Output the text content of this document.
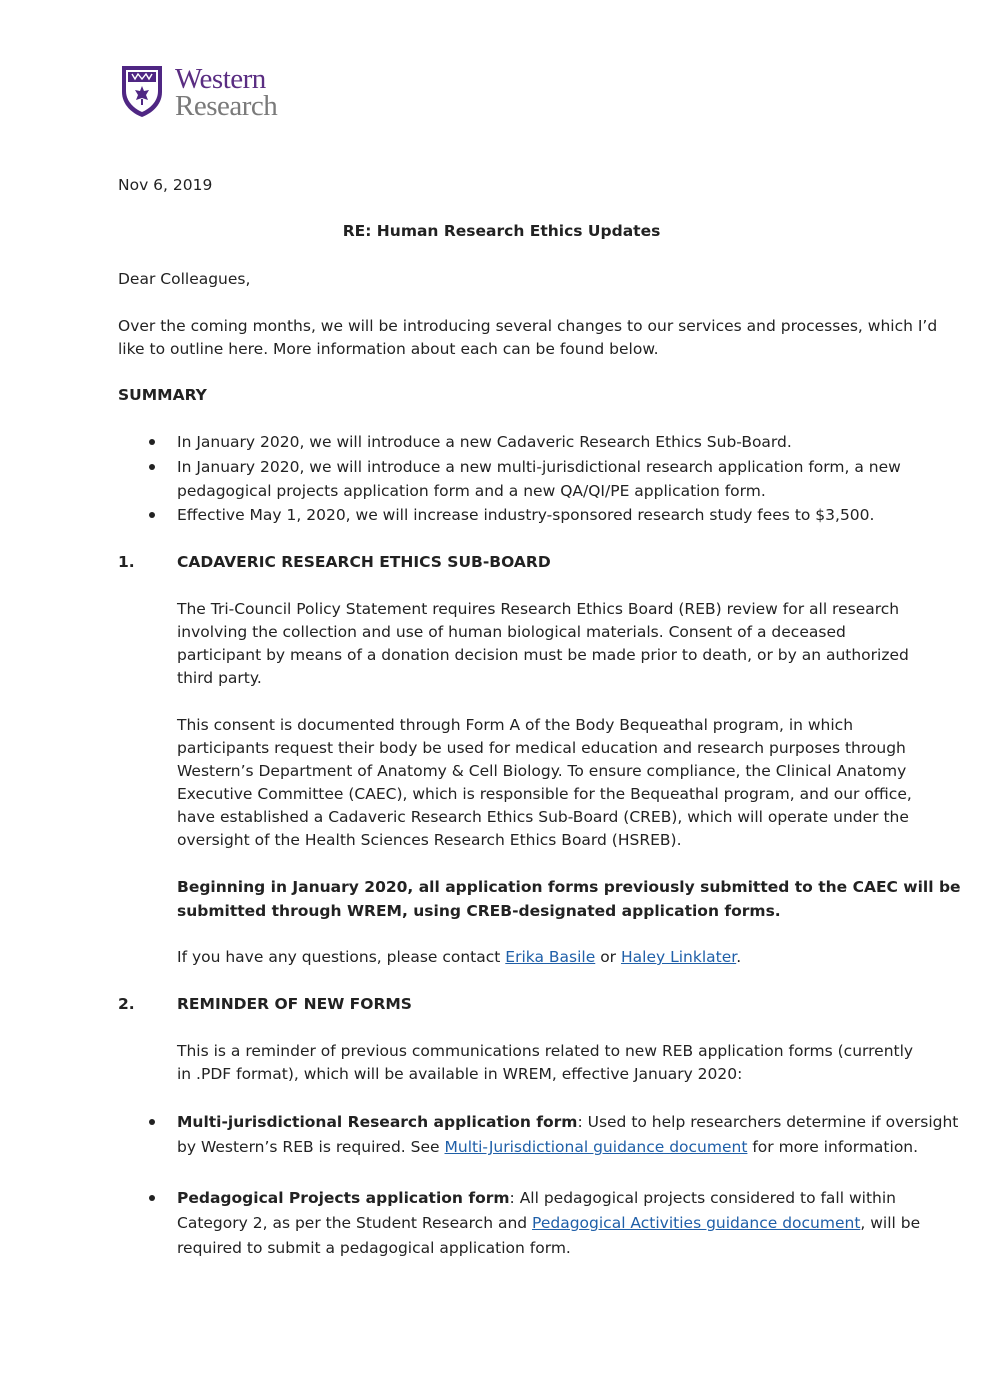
Western
Research

Nov 6, 2019

RE: Human Research Ethics Updates

Dear Colleagues,

Over the coming months, we will be introducing several changes to our services and processes, which I’d

like to outline here. More information about each can be found below.

SUMMARY

In January 2020, we will introduce a new Cadaveric Research Ethics Sub-Board.

In January 2020, we will introduce a new multi-jurisdictional research application form, a new

pedagogical projects application form and a new QA/QI/PE application form.

Effective May 1, 2020, we will increase industry-sponsored research study fees to $3,500.

1.	CADAVERIC RESEARCH ETHICS SUB-BOARD

The Tri-Council Policy Statement requires Research Ethics Board (REB) review for all research

involving the collection and use of human biological materials. Consent of a deceased

participant by means of a donation decision must be made prior to death, or by an authorized

third party.

This consent is documented through Form A of the Body Bequeathal program, in which

participants request their body be used for medical education and research purposes through

Western’s Department of Anatomy & Cell Biology. To ensure compliance, the Clinical Anatomy

Executive Committee (CAEC), which is responsible for the Bequeathal program, and our office,

have established a Cadaveric Research Ethics Sub-Board (CREB), which will operate under the

oversight of the Health Sciences Research Ethics Board (HSREB).

Beginning in January 2020, all application forms previously submitted to the CAEC will be

submitted through WREM, using CREB-designated application forms.

If you have any questions, please contact Erika Basile or Haley Linklater.

2.	REMINDER OF NEW FORMS

This is a reminder of previous communications related to new REB application forms (currently

in .PDF format), which will be available in WREM, effective January 2020:

Multi-jurisdictional Research application form: Used to help researchers determine if oversight

by Western’s REB is required. See Multi-Jurisdictional guidance document for more information.

Pedagogical Projects application form: All pedagogical projects considered to fall within

Category 2, as per the Student Research and Pedagogical Activities guidance document, will be

required to submit a pedagogical application form.
